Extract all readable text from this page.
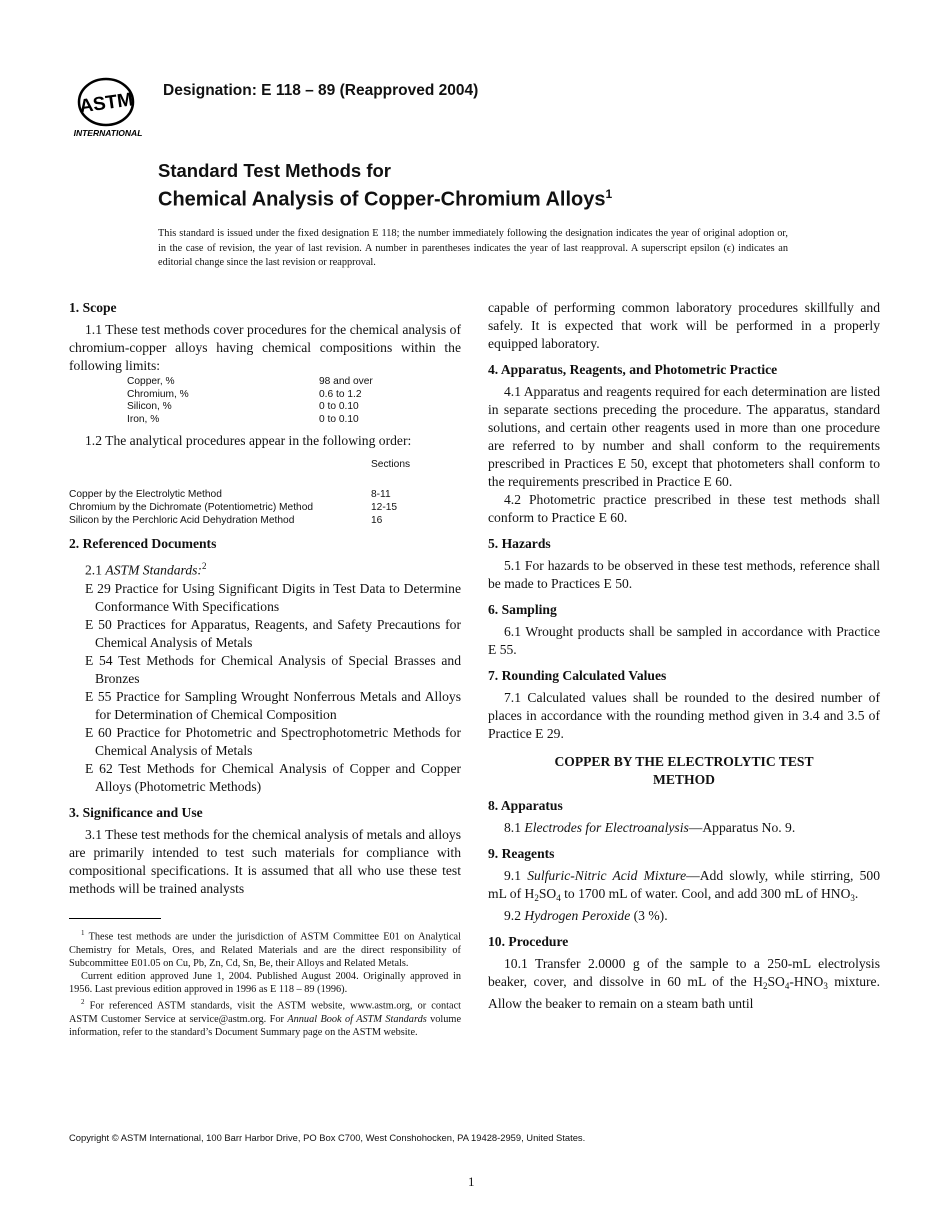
ASTM
INTERNATIONAL
Designation: E 118 – 89 (Reapproved 2004)
Standard Test Methods for
Chemical Analysis of Copper-Chromium Alloys$^1$
This standard is issued under the fixed designation E 118; the number immediately following the designation indicates the year of original adoption or, in the case of revision, the year of last revision. A number in parentheses indicates the year of last reapproval. A superscript epsilon (ϵ) indicates an editorial change since the last revision or reapproval.
1. Scope

1.1 These test methods cover procedures for the chemical analysis of chromium-copper alloys having chemical compositions within the following limits:

Copper, %	98 and over
Chromium, %	0.6 to 1.2
Silicon, %	0 to 0.10
Iron, %	0 to 0.10

1.2 The analytical procedures appear in the following order:

Sections
Copper by the Electrolytic Method	8-11
Chromium by the Dichromate (Potentiometric) Method	12-15
Silicon by the Perchloric Acid Dehydration Method	16
2. Referenced Documents

2.1 ASTM Standards:$^2$

E 29 Practice for Using Significant Digits in Test Data to Determine Conformance With Specifications
E 50 Practices for Apparatus, Reagents, and Safety Precautions for Chemical Analysis of Metals
E 54 Test Methods for Chemical Analysis of Special Brasses and Bronzes
E 55 Practice for Sampling Wrought Nonferrous Metals and Alloys for Determination of Chemical Composition
E 60 Practice for Photometric and Spectrophotometric Methods for Chemical Analysis of Metals
E 62 Test Methods for Chemical Analysis of Copper and Copper Alloys (Photometric Methods)
3. Significance and Use

3.1 These test methods for the chemical analysis of metals and alloys are primarily intended to test such materials for compliance with compositional specifications. It is assumed that all who use these test methods will be trained analysts

$^1$ These test methods are under the jurisdiction of ASTM Committee E01 on Analytical Chemistry for Metals, Ores, and Related Materials and are the direct responsibility of Subcommittee E01.05 on Cu, Pb, Zn, Cd, Sn, Be, their Alloys and Related Metals.
Current edition approved June 1, 2004. Published August 2004. Originally approved in 1956. Last previous edition approved in 1996 as E 118 – 89 (1996).
$^2$ For referenced ASTM standards, visit the ASTM website, www.astm.org, or contact ASTM Customer Service at service@astm.org. For Annual Book of ASTM Standards volume information, refer to the standard’s Document Summary page on the ASTM website.

capable of performing common laboratory procedures skillfully and safely. It is expected that work will be performed in a properly equipped laboratory.

4. Apparatus, Reagents, and Photometric Practice

4.1 Apparatus and reagents required for each determination are listed in separate sections preceding the procedure. The apparatus, standard solutions, and certain other reagents used in more than one procedure are referred to by number and shall conform to the requirements prescribed in Practices E 50, except that photometers shall conform to the requirements prescribed in Practice E 60.

4.2 Photometric practice prescribed in these test methods shall conform to Practice E 60.

5. Hazards

5.1 For hazards to be observed in these test methods, reference shall be made to Practices E 50.

6. Sampling

6.1 Wrought products shall be sampled in accordance with Practice E 55.

7. Rounding Calculated Values

7.1 Calculated values shall be rounded to the desired number of places in accordance with the rounding method given in 3.4 and 3.5 of Practice E 29.

COPPER BY THE ELECTROLYTIC TEST METHOD
8. Apparatus

8.1 Electrodes for Electroanalysis—Apparatus No. 9.

9. Reagents

9.1 Sulfuric-Nitric Acid Mixture—Add slowly, while stirring, 500 mL of $H_2SO_4$ to 1700 mL of water. Cool, and add 300 mL of $HNO_3$.

9.2 Hydrogen Peroxide (3 %).

10. Procedure

10.1 Transfer 2.0000 g of the sample to a 250-mL electrolysis beaker, cover, and dissolve in 60 mL of the $H_2SO_4-HNO_3$ mixture. Allow the beaker to remain on a steam bath until

Copyright © ASTM International, 100 Barr Harbor Drive, PO Box C700, West Conshohocken, PA 19428-2959, United States.
1
